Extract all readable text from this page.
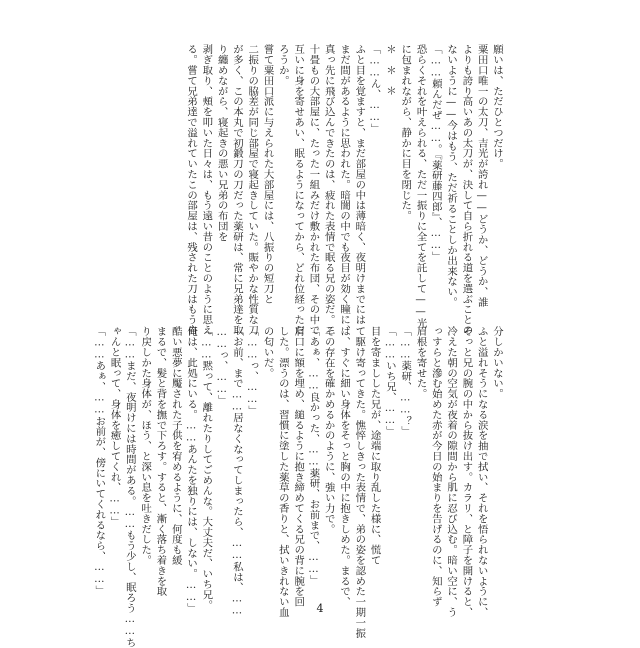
願いは、ただひとつだけ。

粟田口唯一の太刀、吉光が誇れ——どうか、どうか、誰

よりも誇り高いあの太刀が、決して自ら折れる道を選ぶことの

ないように——今はもう、ただ祈ることしか出来ない。

「……頼んだぜ……。『薬研藤四郎』、……」

恐らくそれを叶えられる、ただ一振りに全てを託して——光

に包まれながら、静かに目を閉じた。

＊　＊　＊

「……ん、……」

ふと目を覚ますと、まだ部屋の中は薄暗く、夜明けまでには

まだ間があるように思われた。暗闇の中でも夜目が効く瞳に、

真っ先に飛び込んできたのは、疲れた表情で眠る兄の姿だ。二

十畳もの大部屋に、たった一組みだけ敷かれた布団、その中で

互いに身を寄せあい、眠るようになってから、どれ位経っただ

ろうか。

嘗て粟田口派に与えられた大部屋には、八振りの短刀と

二振りの脇差が同じ部屋で寝起きしていた。賑やかな性質な刀

が多く、この本丸で初鍛刀の刀だった薬研は、常に兄弟達を取

り纏めながら、寝起きの悪い兄弟の布団を

剥ぎ取り、頰を叩いた日々は、もう遠い昔のことのように思え

る。嘗て兄弟達で溢れていたこの部屋は、残された刀はもう自

分しかいない。

ふと溢れそうになる涙を抽で拭い、それを悟られないように、

そっと兄の腕の中から抜け出す。カラリ、と障子を開けると、

冷えた朝の空気が夜着の隙間から肌に忍び込む。暗い空に、う

っすらと滲む始めた赤が今日の始まりを告げるのに、知らず

眉根を寄せた。

「……薬研、……？」

「……いち兄、……」

目を寄ましした兄が、途端に取り乱した様に、慌て

て駆け寄ってきた。憔悴しきった表情で、弟の姿を認めた一期一振

は、すぐに細い身体をそっと胸の中に抱きしめた。まるで、

その存在を確かめるかのように、強い力で。

「あぁ、……良かった、……薬研、お前まで、……」

肩口に額を埋め、縋るように抱き締めてくる兄の背に腕を回

した。漂うのは、習慣に塗した薬草の香りと、拭いきれない血

の匂いだ。

「……っ、……」

「お前、まで……居なくなってしまったら、……私は、……

……っ、……」

「……黙って、離れたりしてごめんな。大丈夫だ、いち兄。

俺は、此処にいる。……あんたを独りには、しない。……」

酷い悪夢に魘された子供を宥めるように、何度も緩

まるで、髪と背を撫で下ろす。すると、漸く落ち着きを取

り戻しかた身体が、ほう、と深い息を吐きだした。

「……まだ、夜明けには時間がある。……もう少し、眠ろう……ち

ゃんと眠って、身体を癒してくれ、……」

「……あぁ、……お前が、傍にいてくれるなら、……」

4
